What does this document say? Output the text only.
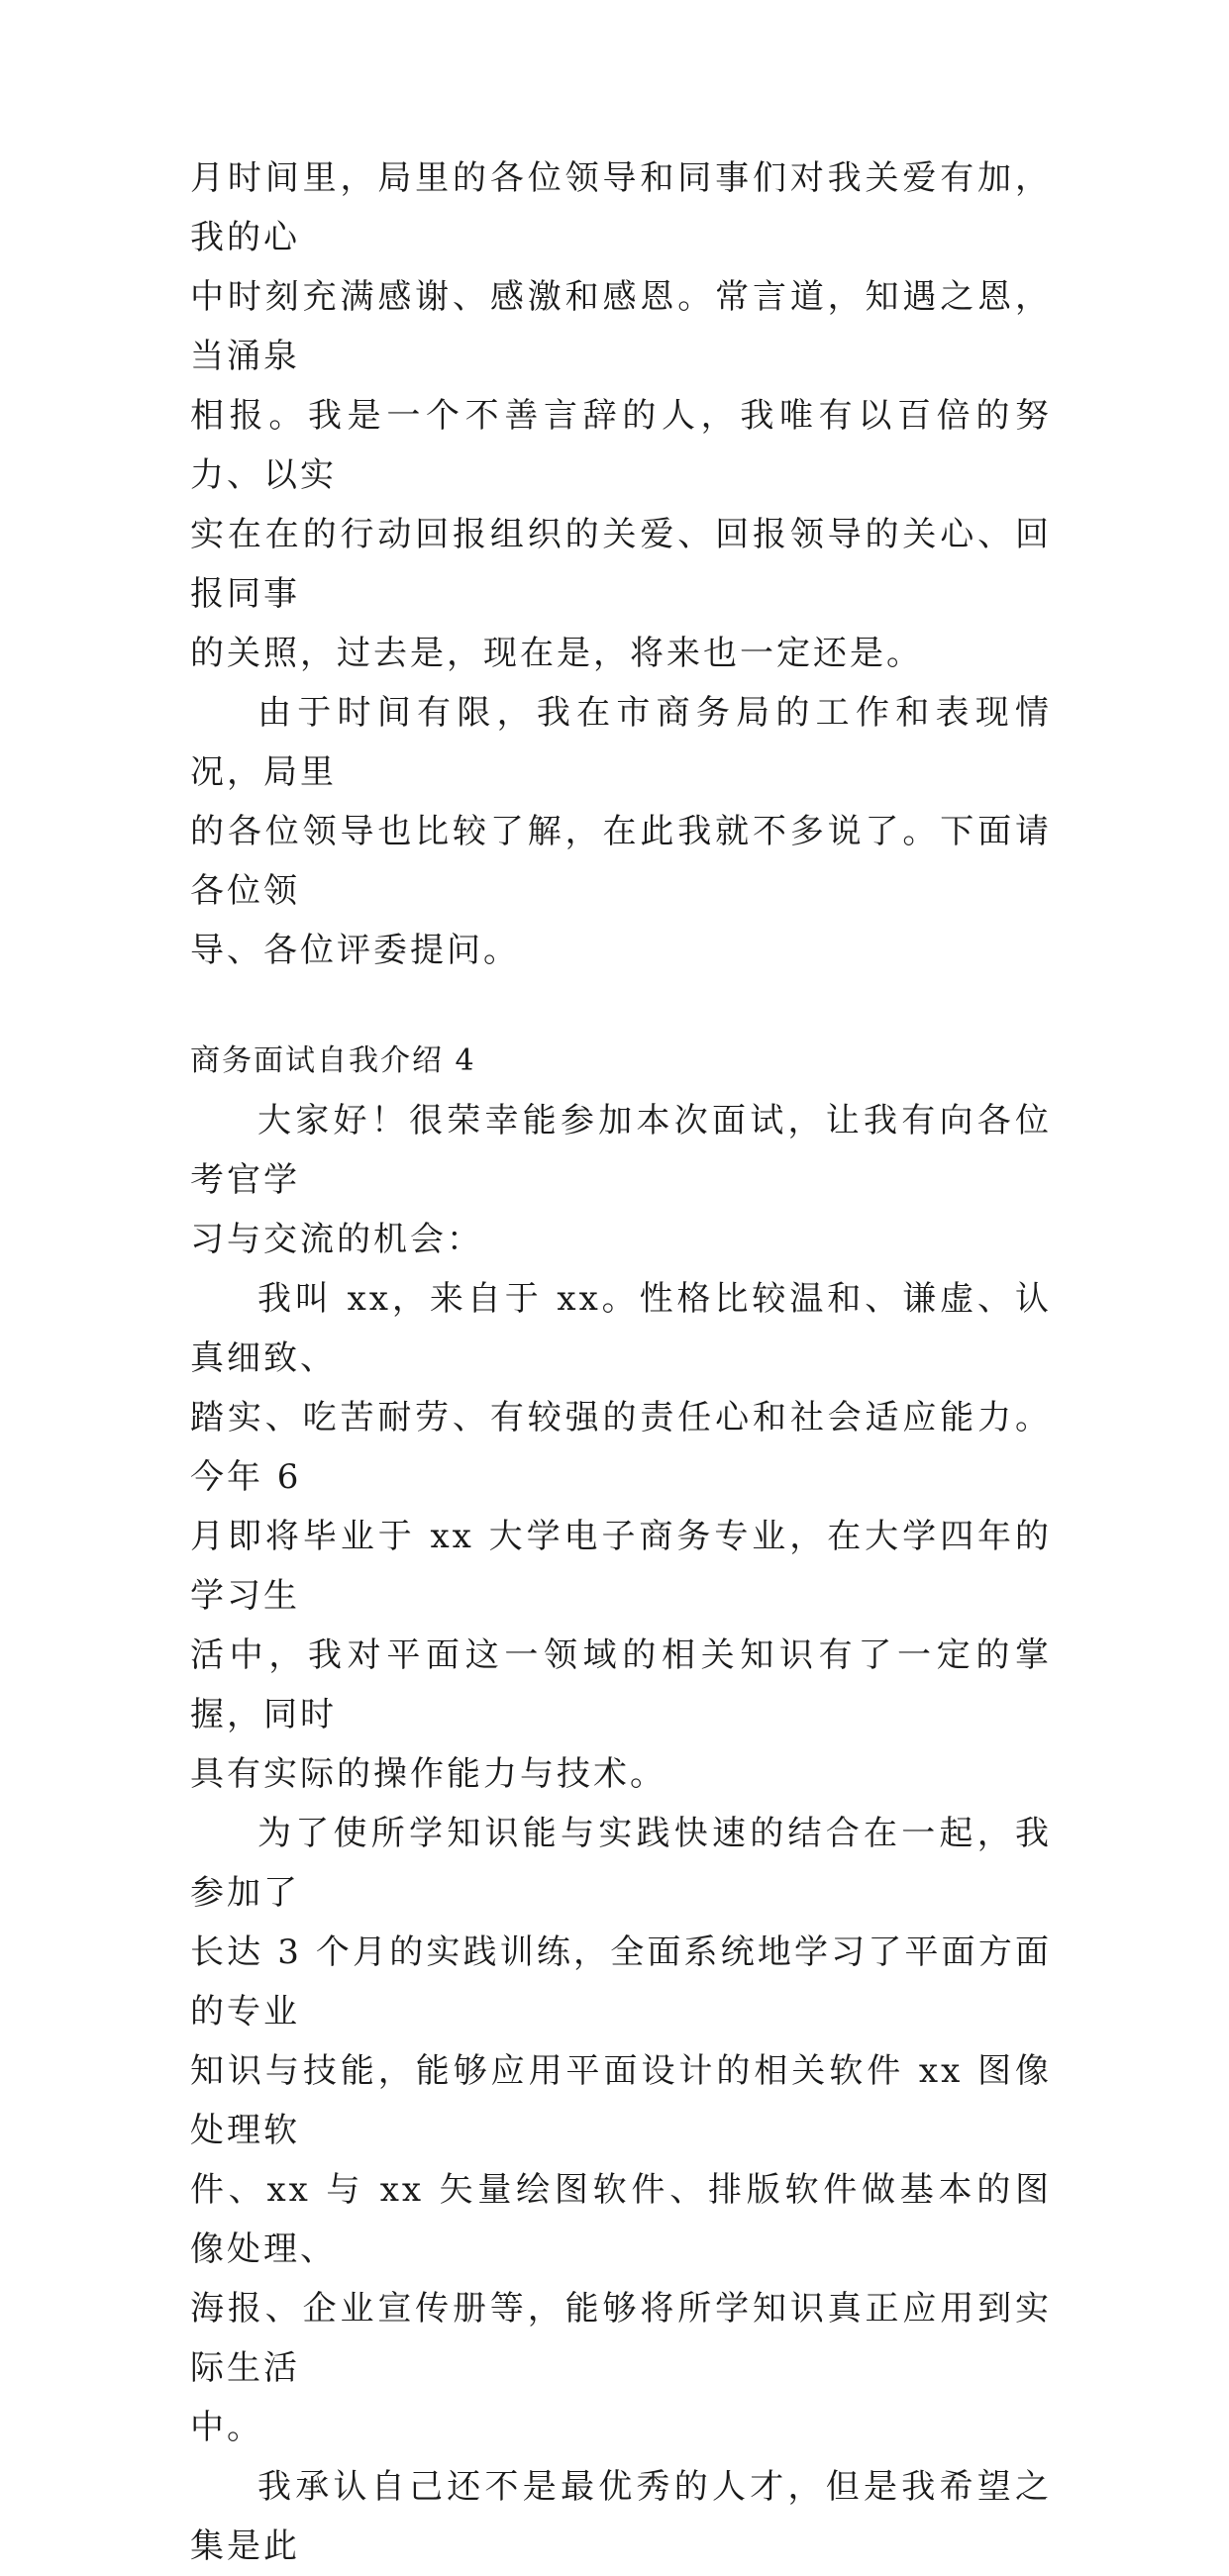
月时间里，局里的各位领导和同事们对我关爱有加，我的心
中时刻充满感谢、感激和感恩。常言道，知遇之恩，当涌泉
相报。我是一个不善言辞的人，我唯有以百倍的努力、以实
实在在的行动回报组织的关爱、回报领导的关心、回报同事
的关照，过去是，现在是，将来也一定还是。

由于时间有限，我在市商务局的工作和表现情况，局里
的各位领导也比较了解，在此我就不多说了。下面请各位领
导、各位评委提问。

商务面试自我介绍 4

大家好！很荣幸能参加本次面试，让我有向各位考官学
习与交流的机会：

我叫 xx，来自于 xx。性格比较温和、谦虚、认真细致、
踏实、吃苦耐劳、有较强的责任心和社会适应能力。今年 6
月即将毕业于 xx 大学电子商务专业，在大学四年的学习生
活中，我对平面这一领域的相关知识有了一定的掌握，同时
具有实际的操作能力与技术。

为了使所学知识能与实践快速的结合在一起，我参加了
长达 3 个月的实践训练，全面系统地学习了平面方面的专业
知识与技能，能够应用平面设计的相关软件 xx 图像处理软
件、xx 与 xx 矢量绘图软件、排版软件做基本的图像处理、
海报、企业宣传册等，能够将所学知识真正应用到实际生活
中。

我承认自己还不是最优秀的人才，但是我希望之集是此
